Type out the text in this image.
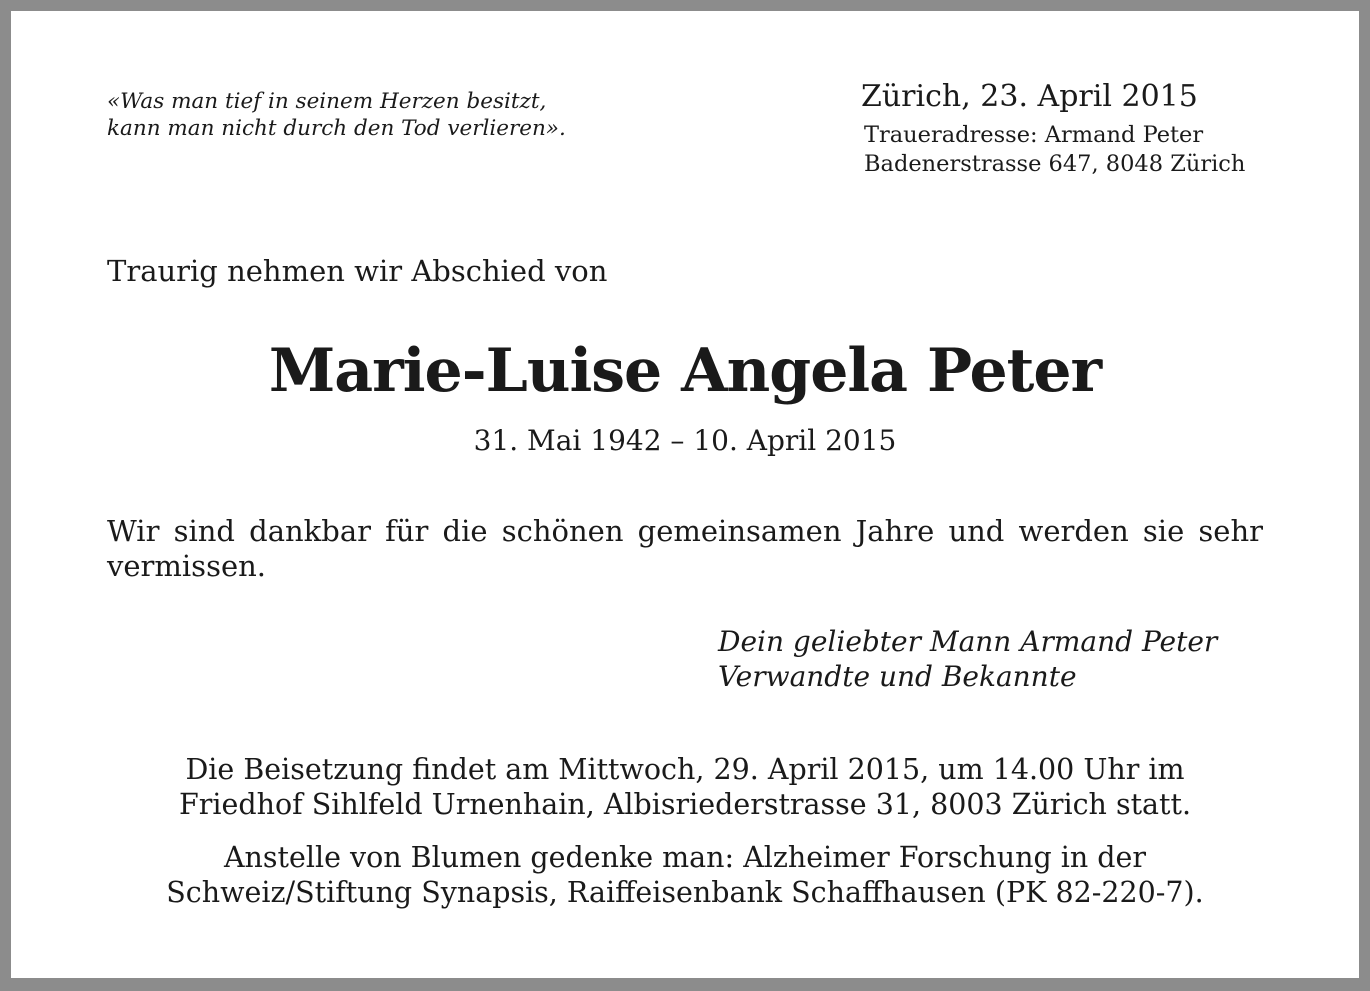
«Was man tief in seinem Herzen besitzt,
kann man nicht durch den Tod verlieren».
Zürich, 23. April 2015
Traueradresse: Armand Peter
Badenerstrasse 647, 8048 Zürich
Traurig nehmen wir Abschied von
Marie-Luise Angela Peter
31. Mai 1942 – 10. April 2015
Wir sind dankbar für die schönen gemeinsamen Jahre und werden sie sehr vermissen.
Dein geliebter Mann Armand Peter
Verwandte und Bekannte
Die Beisetzung findet am Mittwoch, 29. April 2015, um 14.00 Uhr im
Friedhof Sihlfeld Urnenhain, Albisriederstrasse 31, 8003 Zürich statt.
Anstelle von Blumen gedenke man: Alzheimer Forschung in der
Schweiz/Stiftung Synapsis, Raiffeisenbank Schaffhausen (PK 82-220-7).
